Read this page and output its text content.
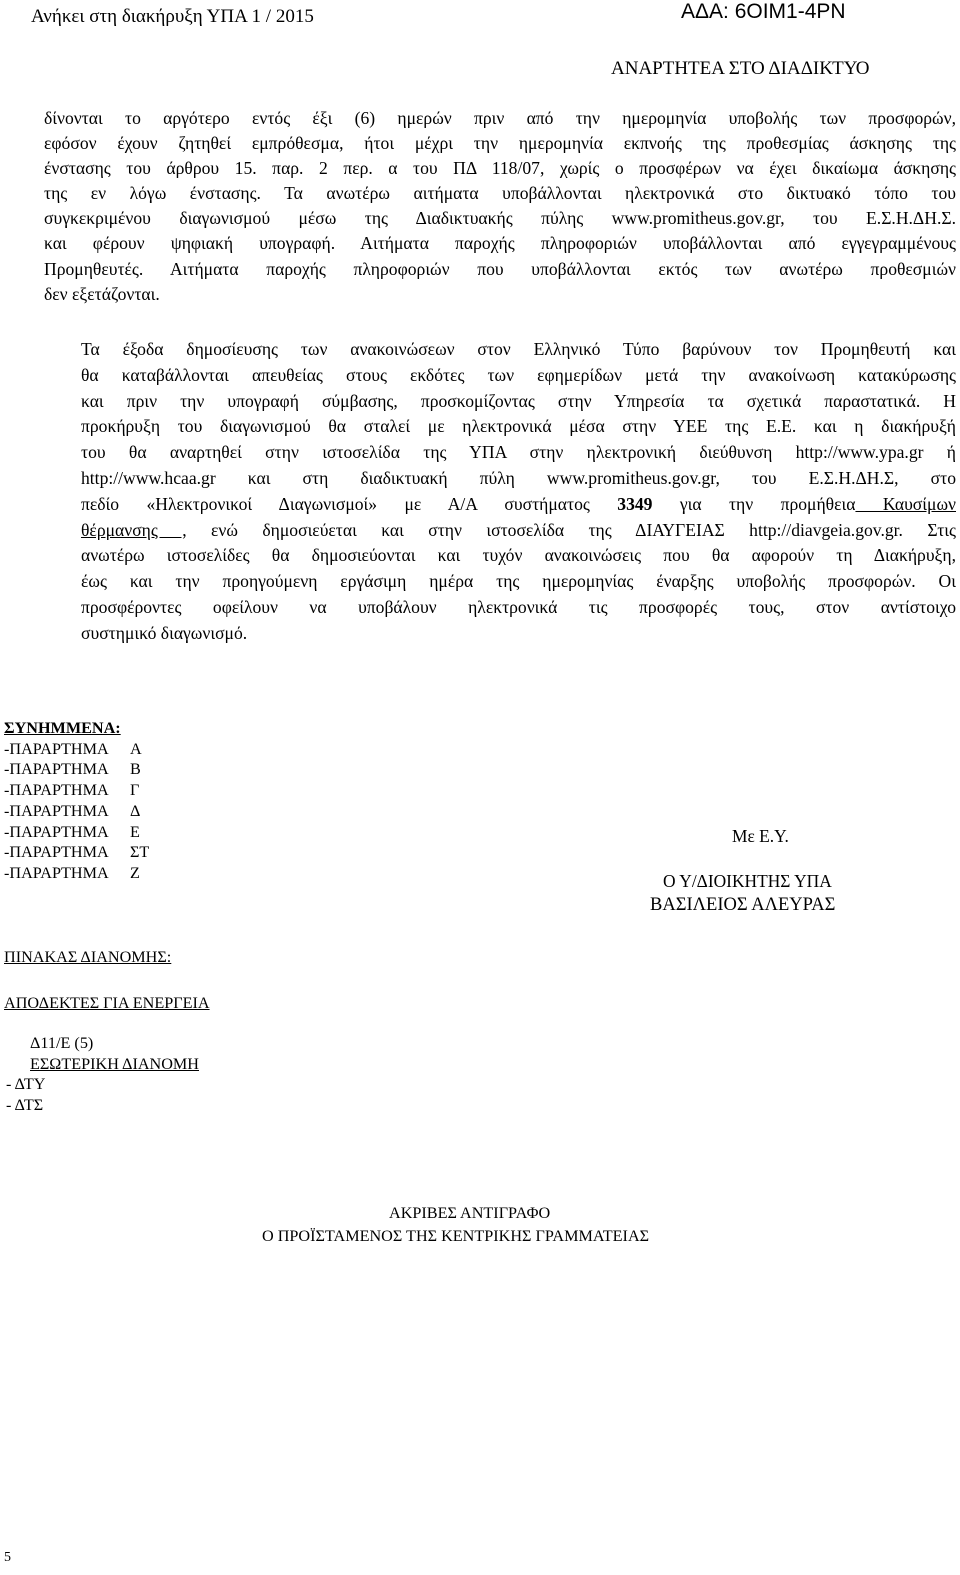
Ανήκει στη διακήρυξη ΥΠΑ 1 / 2015	ΑΔΑ: 6ΟΙΜ1-4ΡΝ
ΑΝΑΡΤΗΤΕΑ ΣΤΟ ΔΙΑΔΙΚΤΥΟ
δίνονται το αργότερο εντός έξι (6) ημερών πριν από την ημερομηνία υποβολής των προσφορών,
εφόσον έχουν ζητηθεί εμπρόθεσμα, ήτοι μέχρι την ημερομηνία εκπνοής της προθεσμίας άσκησης της
ένστασης του άρθρου 15. παρ. 2 περ. α του ΠΔ 118/07, χωρίς ο προσφέρων να έχει δικαίωμα άσκησης
της εν λόγω ένστασης. Τα ανωτέρω αιτήματα υποβάλλονται ηλεκτρονικά στο δικτυακό τόπο του
συγκεκριμένου διαγωνισμού μέσω της Διαδικτυακής πύλης www.promitheus.gov.gr, του Ε.Σ.Η.ΔΗ.Σ.
και φέρουν ψηφιακή υπογραφή. Αιτήματα παροχής πληροφοριών υποβάλλονται από εγγεγραμμένους
Προμηθευτές. Αιτήματα παροχής πληροφοριών που υποβάλλονται εκτός των ανωτέρω προθεσμιών
δεν εξετάζονται.
Τα έξοδα δημοσίευσης των ανακοινώσεων στον Ελληνικό Τύπο βαρύνουν τον Προμηθευτή και
θα καταβάλλονται απευθείας στους εκδότες των εφημερίδων μετά την ανακοίνωση κατακύρωσης
και πριν την υπογραφή σύμβασης, προσκομίζοντας στην Υπηρεσία τα σχετικά παραστατικά. Η
προκήρυξη του διαγωνισμού θα σταλεί με ηλεκτρονικά μέσα στην ΥΕΕ της Ε.Ε. και η διακήρυξή
του θα αναρτηθεί στην ιστοσελίδα της ΥΠΑ στην ηλεκτρονική διεύθυνση http://www.ypa.gr ή
http://www.hcaa.gr και στη διαδικτυακή πύλη www.promitheus.gov.gr, του Ε.Σ.Η.ΔΗ.Σ, στο
πεδίο «Ηλεκτρονικοί Διαγωνισμοί» με Α/Α συστήματος 3349 για την προμήθεια Καυσίμων
θέρμανσης , ενώ δημοσιεύεται και στην ιστοσελίδα της ΔΙΑΥΓΕΙΑΣ http://diavgeia.gov.gr. Στις
ανωτέρω ιστοσελίδες θα δημοσιεύονται και τυχόν ανακοινώσεις που θα αφορούν τη Διακήρυξη,
έως και την προηγούμενη εργάσιμη ημέρα της ημερομηνίας έναρξης υποβολής προσφορών. Οι
προσφέροντες οφείλουν να υποβάλουν ηλεκτρονικά τις προσφορές τους, στον αντίστοιχο
συστημικό διαγωνισμό.
ΣΥΝΗΜΜΕΝΑ:
-ΠΑΡΑΡΤΗΜΑ Α
-ΠΑΡΑΡΤΗΜΑ Β
-ΠΑΡΑΡΤΗΜΑ Γ
-ΠΑΡΑΡΤΗΜΑ Δ
-ΠΑΡΑΡΤΗΜΑ Ε
-ΠΑΡΑΡΤΗΜΑ ΣΤ
-ΠΑΡΑΡΤΗΜΑ Ζ
Με Ε.Υ.
Ο Υ/ΔΙΟΙΚΗΤΗΣ ΥΠΑ
ΒΑΣΙΛΕΙΟΣ ΑΛΕΥΡΑΣ
ΠΙΝΑΚΑΣ ΔΙΑΝΟΜΗΣ:
ΑΠΟΔΕΚΤΕΣ ΓΙΑ ΕΝΕΡΓΕΙΑ
Δ11/Ε (5)
ΕΣΩΤΕΡΙΚΗ ΔΙΑΝΟΜΗ
- ΔΤΥ
- ΔΤΣ
ΑΚΡΙΒΕΣ ΑΝΤΙΓΡΑΦΟ
Ο ΠΡΟΪΣΤΑΜΕΝΟΣ ΤΗΣ ΚΕΝΤΡΙΚΗΣ ΓΡΑΜΜΑΤΕΙΑΣ
5
